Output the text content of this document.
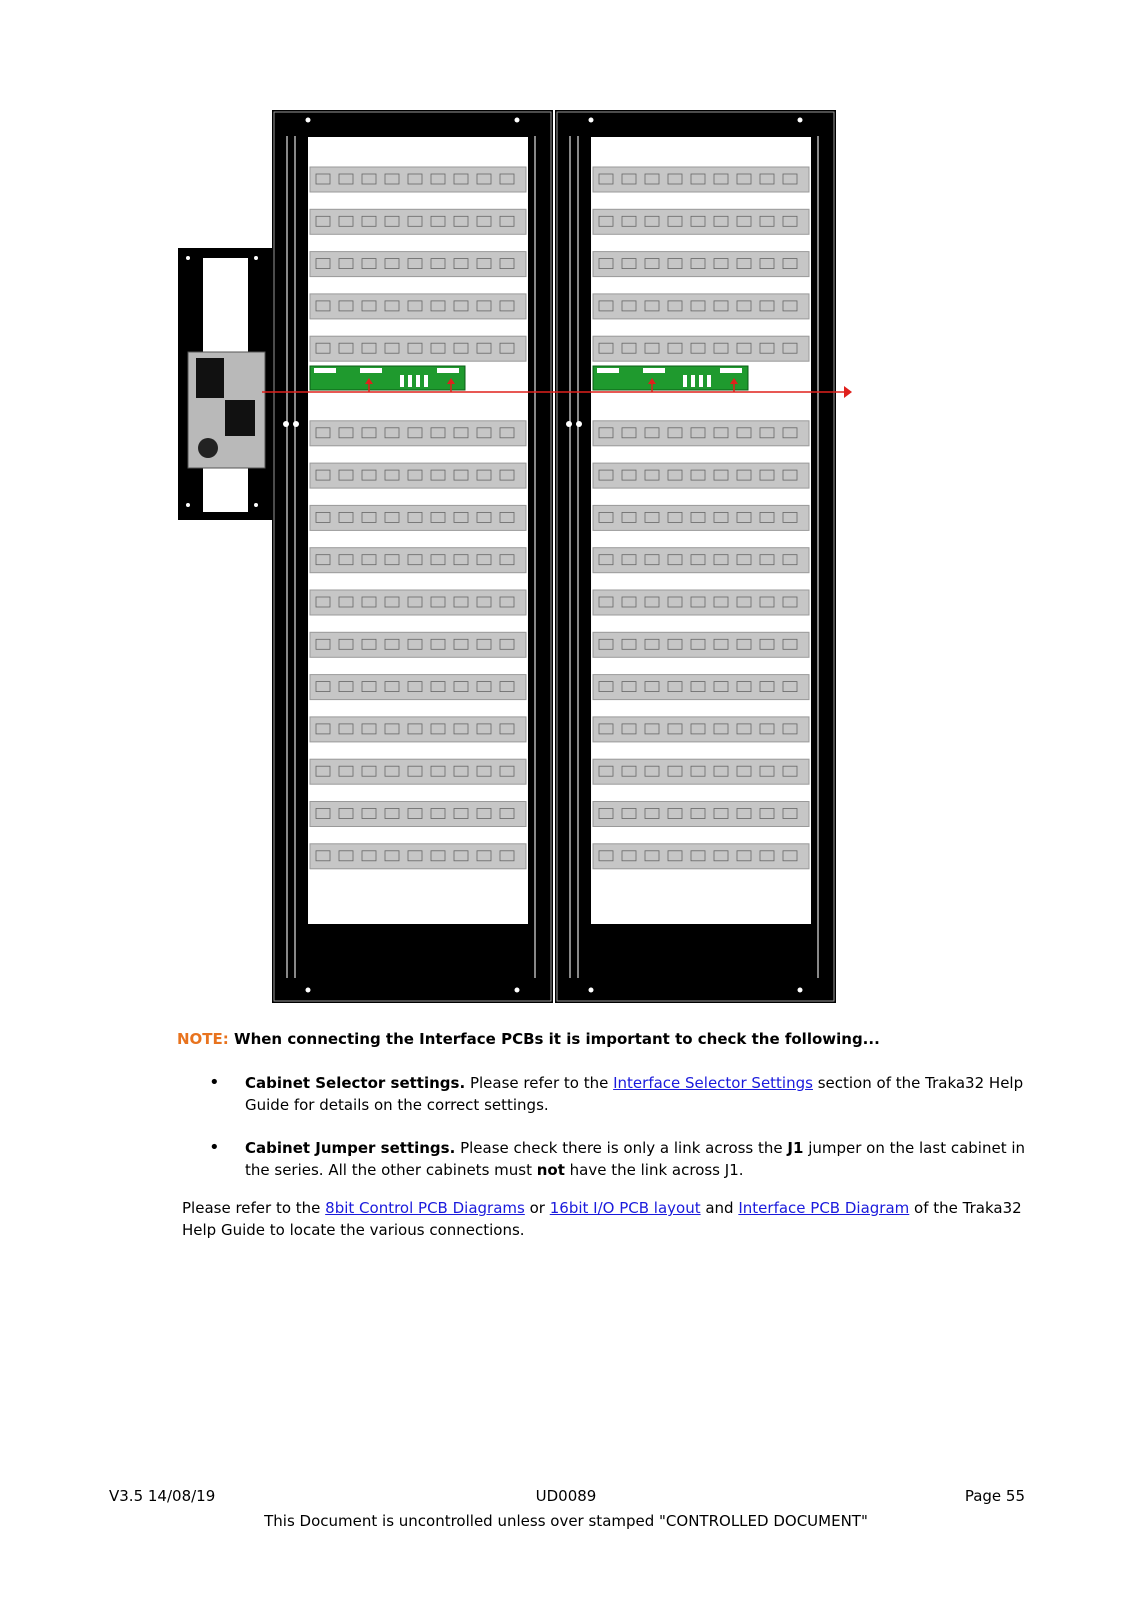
NOTE: When connecting the Interface PCBs it is important to check the following...

• Cabinet Selector settings. Please refer to the Interface Selector Settings section of the Traka32 Help Guide for details on the correct settings.
• Cabinet Jumper settings. Please check there is only a link across the J1 jumper on the last cabinet in the series. All the other cabinets must not have the link across J1.

Please refer to the 8bit Control PCB Diagrams or 16bit I/O PCB layout and Interface PCB Diagram of the Traka32 Help Guide to locate the various connections.

V3.5 14/08/19	UD0089	Page 55
This Document is uncontrolled unless over stamped "CONTROLLED DOCUMENT"
